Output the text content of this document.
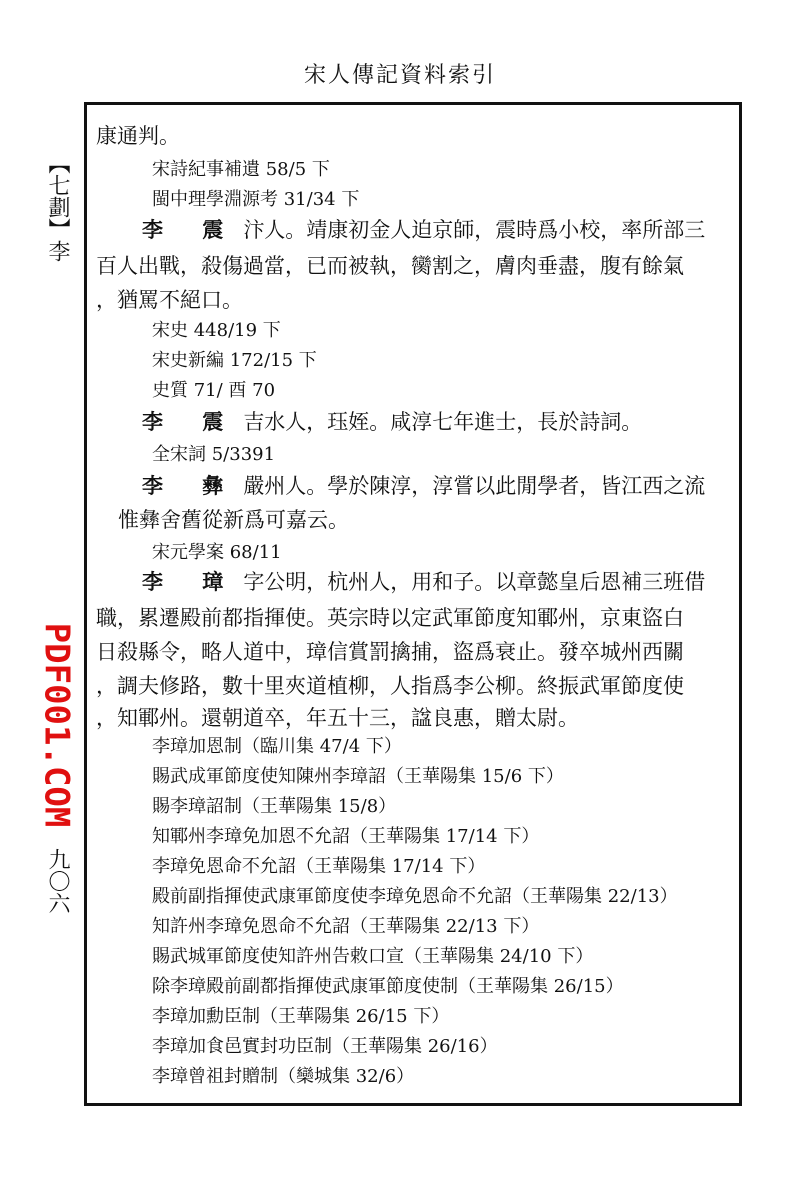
宋人傳記資料索引
【七劃】
李
九〇六
PDF001.COM
康通判。
宋詩紀事補遺 58/5 下
閩中理學淵源考 31/34 下
李 震 汴人。靖康初金人迫京師，震時爲小校，率所部三
百人出戰，殺傷過當，已而被執，臠割之，膚肉垂盡，腹有餘氣
，猶罵不絕口。
宋史 448/19 下
宋史新編 172/15 下
史質 71/ 酉 70
李 震 吉水人，珏姪。咸淳七年進士，長於詩詞。
全宋詞 5/3391
李 彝 嚴州人。學於陳淳，淳嘗以此閒學者，皆江西之流
惟彝舍舊從新爲可嘉云。
宋元學案 68/11
李 璋 字公明，杭州人，用和子。以章懿皇后恩補三班借
職，累遷殿前都指揮使。英宗時以定武軍節度知鄆州，京東盜白
日殺縣令，略人道中，璋信賞罰擒捕，盜爲衰止。發卒城州西關
，調夫修路，數十里夾道植柳，人指爲李公柳。終振武軍節度使
，知鄆州。還朝道卒，年五十三，諡良惠，贈太尉。
李璋加恩制（臨川集 47/4 下）
賜武成軍節度使知陳州李璋詔（王華陽集 15/6 下）
賜李璋詔制（王華陽集 15/8）
知鄆州李璋免加恩不允詔（王華陽集 17/14 下）
李璋免恩命不允詔（王華陽集 17/14 下）
殿前副指揮使武康軍節度使李璋免恩命不允詔（王華陽集 22/13）
知許州李璋免恩命不允詔（王華陽集 22/13 下）
賜武城軍節度使知許州告敕口宣（王華陽集 24/10 下）
除李璋殿前副都指揮使武康軍節度使制（王華陽集 26/15）
李璋加勳臣制（王華陽集 26/15 下）
李璋加食邑實封功臣制（王華陽集 26/16）
李璋曾祖封贈制（欒城集 32/6）
